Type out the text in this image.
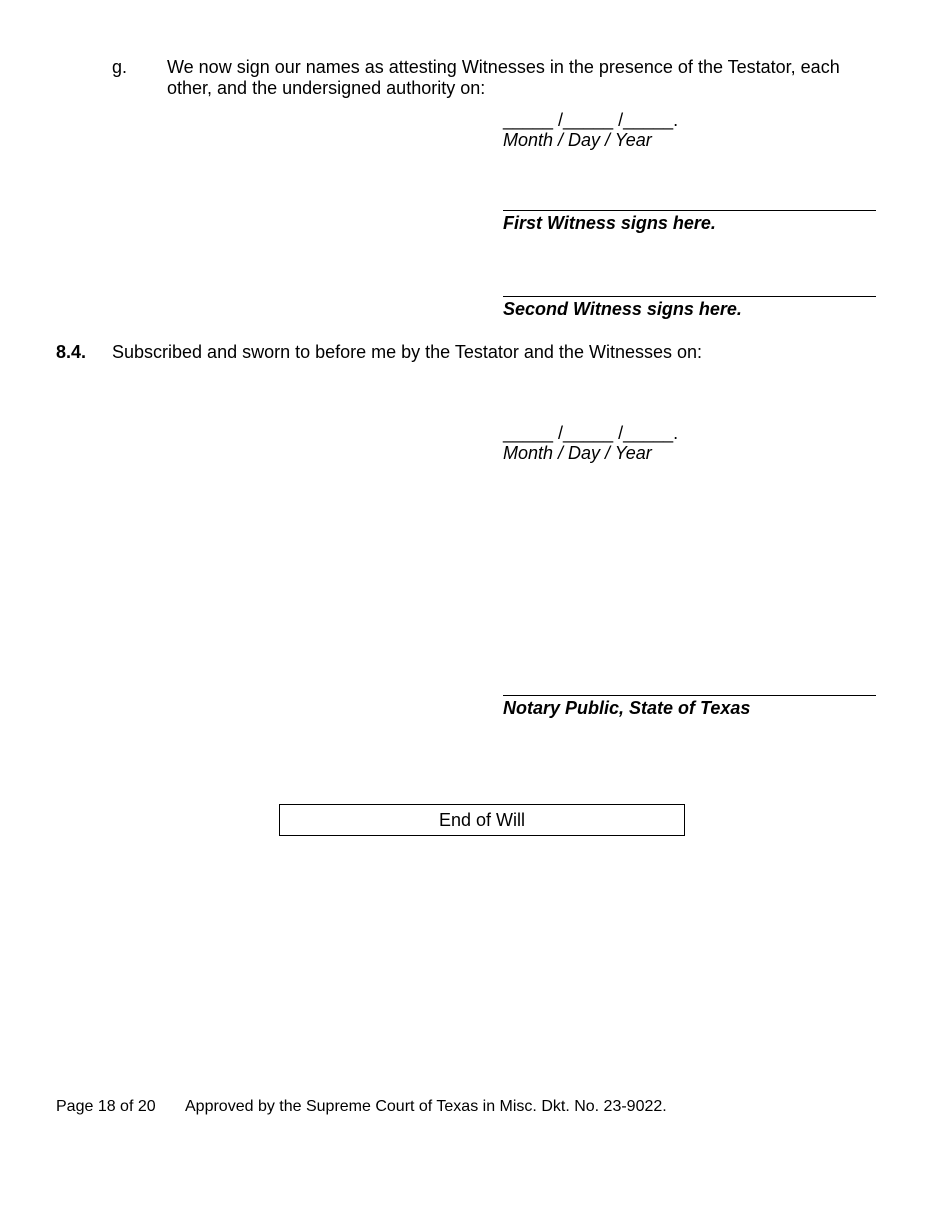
g. We now sign our names as attesting Witnesses in the presence of the Testator, each other, and the undersigned authority on:
_____ /_____ /_____.
Month / Day / Year
First Witness signs here.
Second Witness signs here.
8.4. Subscribed and sworn to before me by the Testator and the Witnesses on:
_____ /_____ /_____.
Month / Day / Year
Notary Public, State of Texas
End of Will
Page 18 of 20 Approved by the Supreme Court of Texas in Misc. Dkt. No. 23-9022.
